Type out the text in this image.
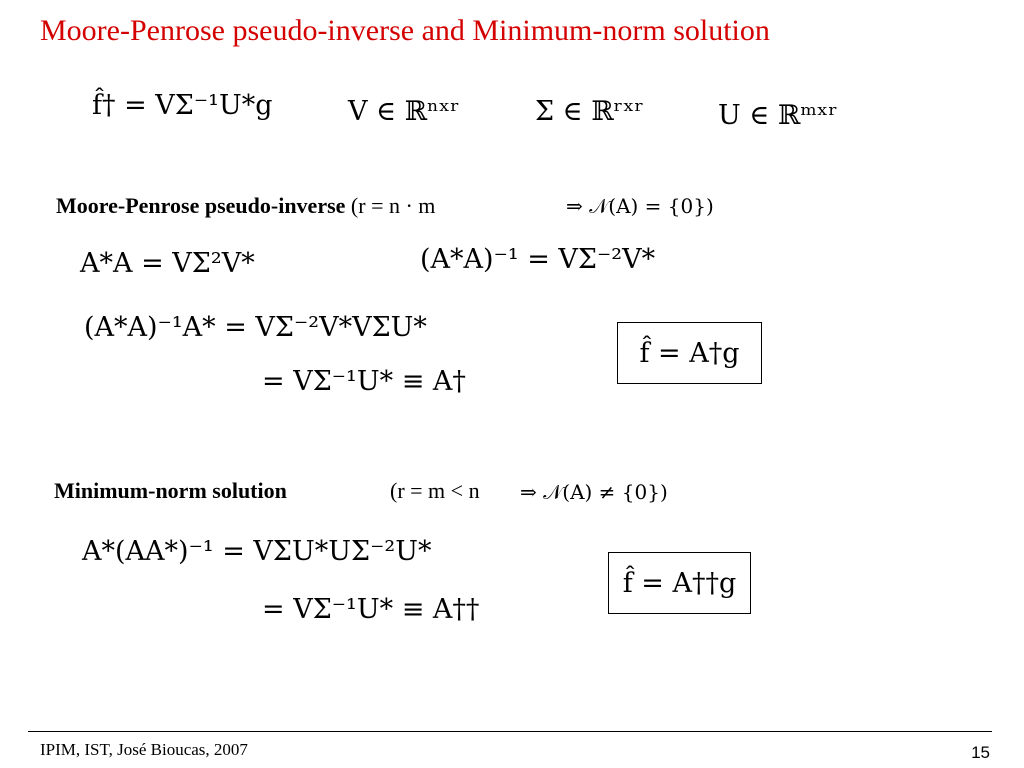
Moore-Penrose pseudo-inverse and Minimum-norm solution
f̂† = VΣ⁻¹U*g	V ∈ ℝⁿˣʳ	Σ ∈ ℝʳˣʳ	U ∈ ℝᵐˣʳ
Moore-Penrose pseudo-inverse (r = n · m	⇒ 𝒩(A) = {0})
A*A = VΣ²V*	(A*A)⁻¹ = VΣ⁻²V*
(A*A)⁻¹A* = VΣ⁻²V*VΣU*
= VΣ⁻¹U* ≡ A†
f̂ = A†g
Minimum-norm solution	(r = m < n ⇒ 𝒩(A) ≠ {0})
A*(AA*)⁻¹ = VΣU*UΣ⁻²U*
= VΣ⁻¹U* ≡ A††
f̂ = A††g
IPIM, IST, José Bioucas, 2007	15
